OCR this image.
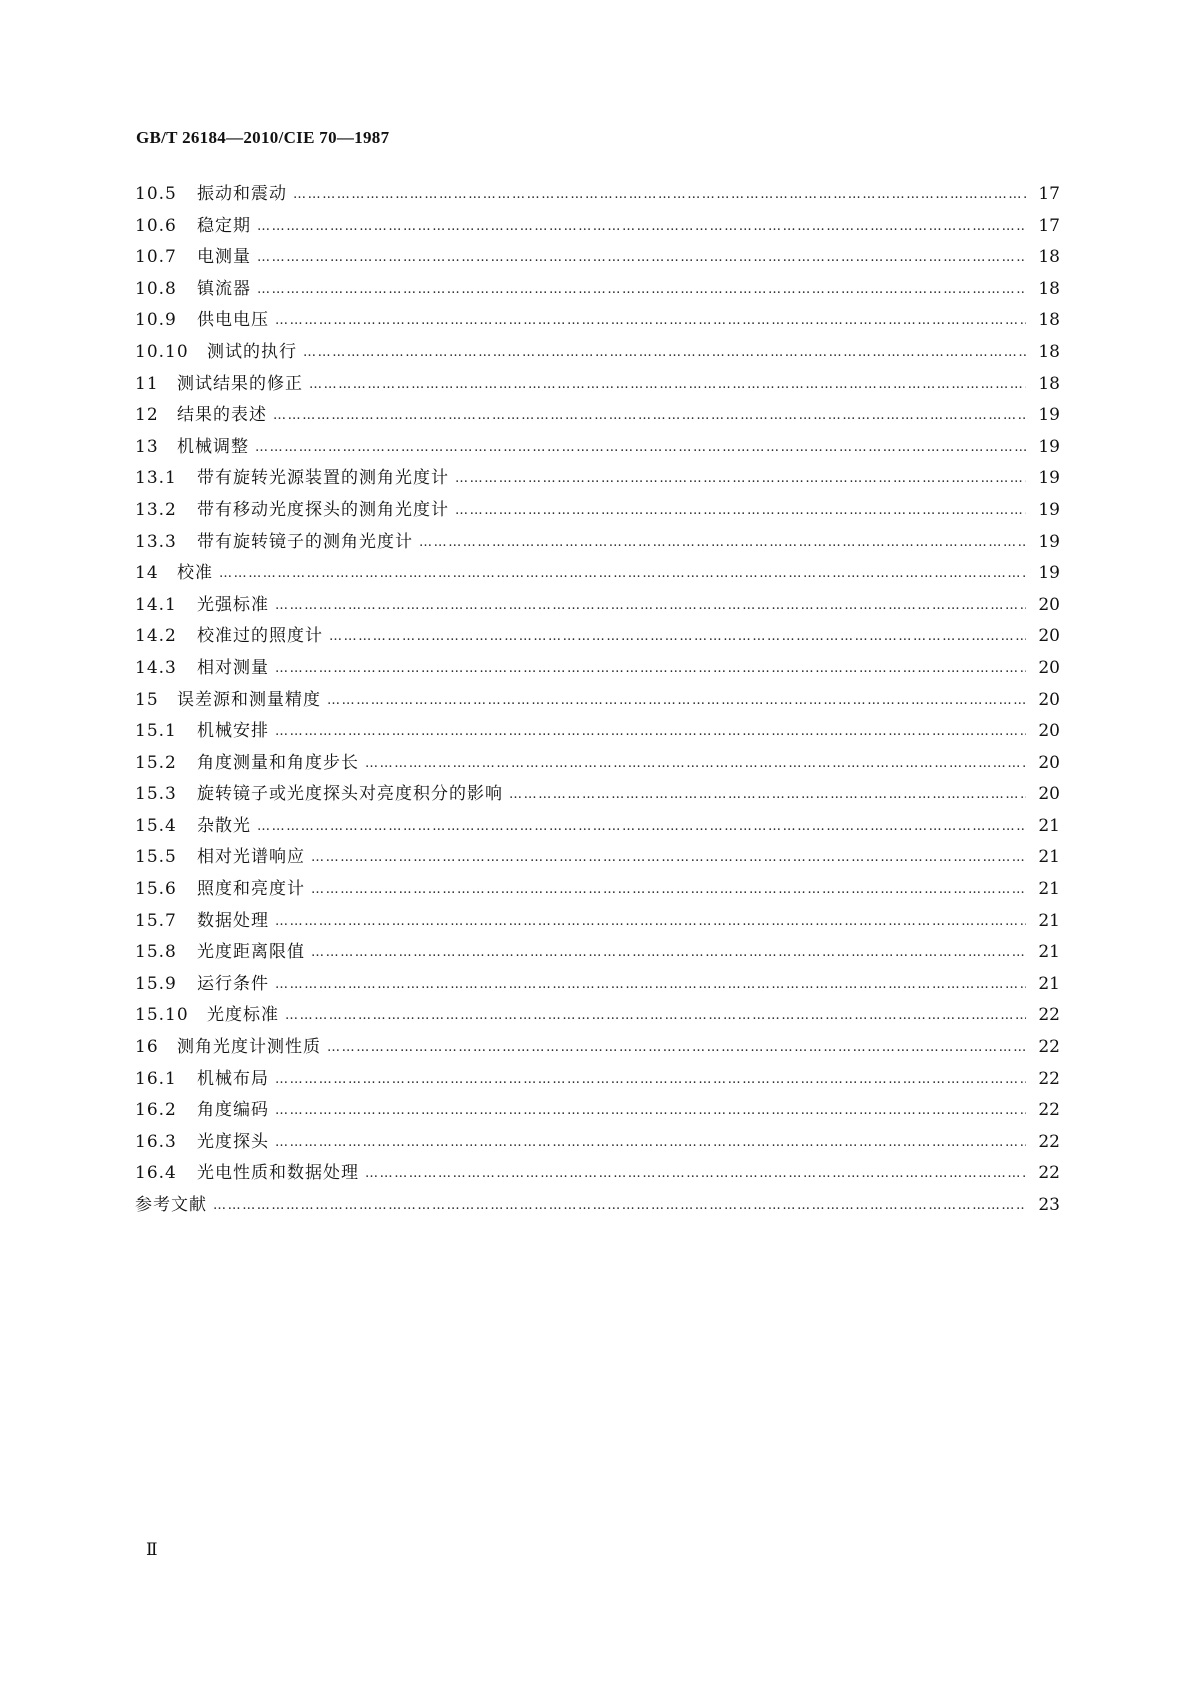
GB/T 26184—2010/CIE 70—1987
10.5	振动和震动 …………………………………………………………………………………………………………………………………………………………………………………………	17
10.6	稳定期 …………………………………………………………………………………………………………………………………………………………………………………………	17
10.7	电测量 …………………………………………………………………………………………………………………………………………………………………………………………	18
10.8	镇流器 …………………………………………………………………………………………………………………………………………………………………………………………	18
10.9	供电电压 …………………………………………………………………………………………………………………………………………………………………………………………	18
10.10	测试的执行 …………………………………………………………………………………………………………………………………………………………………………………………	18
11	测试结果的修正 …………………………………………………………………………………………………………………………………………………………………………………………	18
12	结果的表述 …………………………………………………………………………………………………………………………………………………………………………………………	19
13	机械调整 …………………………………………………………………………………………………………………………………………………………………………………………	19
13.1	带有旋转光源装置的测角光度计 …………………………………………………………………………………………………………………………………………………………………………………………	19
13.2	带有移动光度探头的测角光度计 …………………………………………………………………………………………………………………………………………………………………………………………	19
13.3	带有旋转镜子的测角光度计 …………………………………………………………………………………………………………………………………………………………………………………………	19
14	校准 …………………………………………………………………………………………………………………………………………………………………………………………	19
14.1	光强标准 …………………………………………………………………………………………………………………………………………………………………………………………	20
14.2	校准过的照度计 …………………………………………………………………………………………………………………………………………………………………………………………	20
14.3	相对测量 …………………………………………………………………………………………………………………………………………………………………………………………	20
15	误差源和测量精度 …………………………………………………………………………………………………………………………………………………………………………………………	20
15.1	机械安排 …………………………………………………………………………………………………………………………………………………………………………………………	20
15.2	角度测量和角度步长 …………………………………………………………………………………………………………………………………………………………………………………………	20
15.3	旋转镜子或光度探头对亮度积分的影响 …………………………………………………………………………………………………………………………………………………………………………………………	20
15.4	杂散光 …………………………………………………………………………………………………………………………………………………………………………………………	21
15.5	相对光谱响应 …………………………………………………………………………………………………………………………………………………………………………………………	21
15.6	照度和亮度计 …………………………………………………………………………………………………………………………………………………………………………………………	21
15.7	数据处理 …………………………………………………………………………………………………………………………………………………………………………………………	21
15.8	光度距离限值 …………………………………………………………………………………………………………………………………………………………………………………………	21
15.9	运行条件 …………………………………………………………………………………………………………………………………………………………………………………………	21
15.10	光度标准 …………………………………………………………………………………………………………………………………………………………………………………………	22
16	测角光度计测性质 …………………………………………………………………………………………………………………………………………………………………………………………	22
16.1	机械布局 …………………………………………………………………………………………………………………………………………………………………………………………	22
16.2	角度编码 …………………………………………………………………………………………………………………………………………………………………………………………	22
16.3	光度探头 …………………………………………………………………………………………………………………………………………………………………………………………	22
16.4	光电性质和数据处理 …………………………………………………………………………………………………………………………………………………………………………………………	22
参考文献 …………………………………………………………………………………………………………………………………………………………………………………………	23

Ⅱ
